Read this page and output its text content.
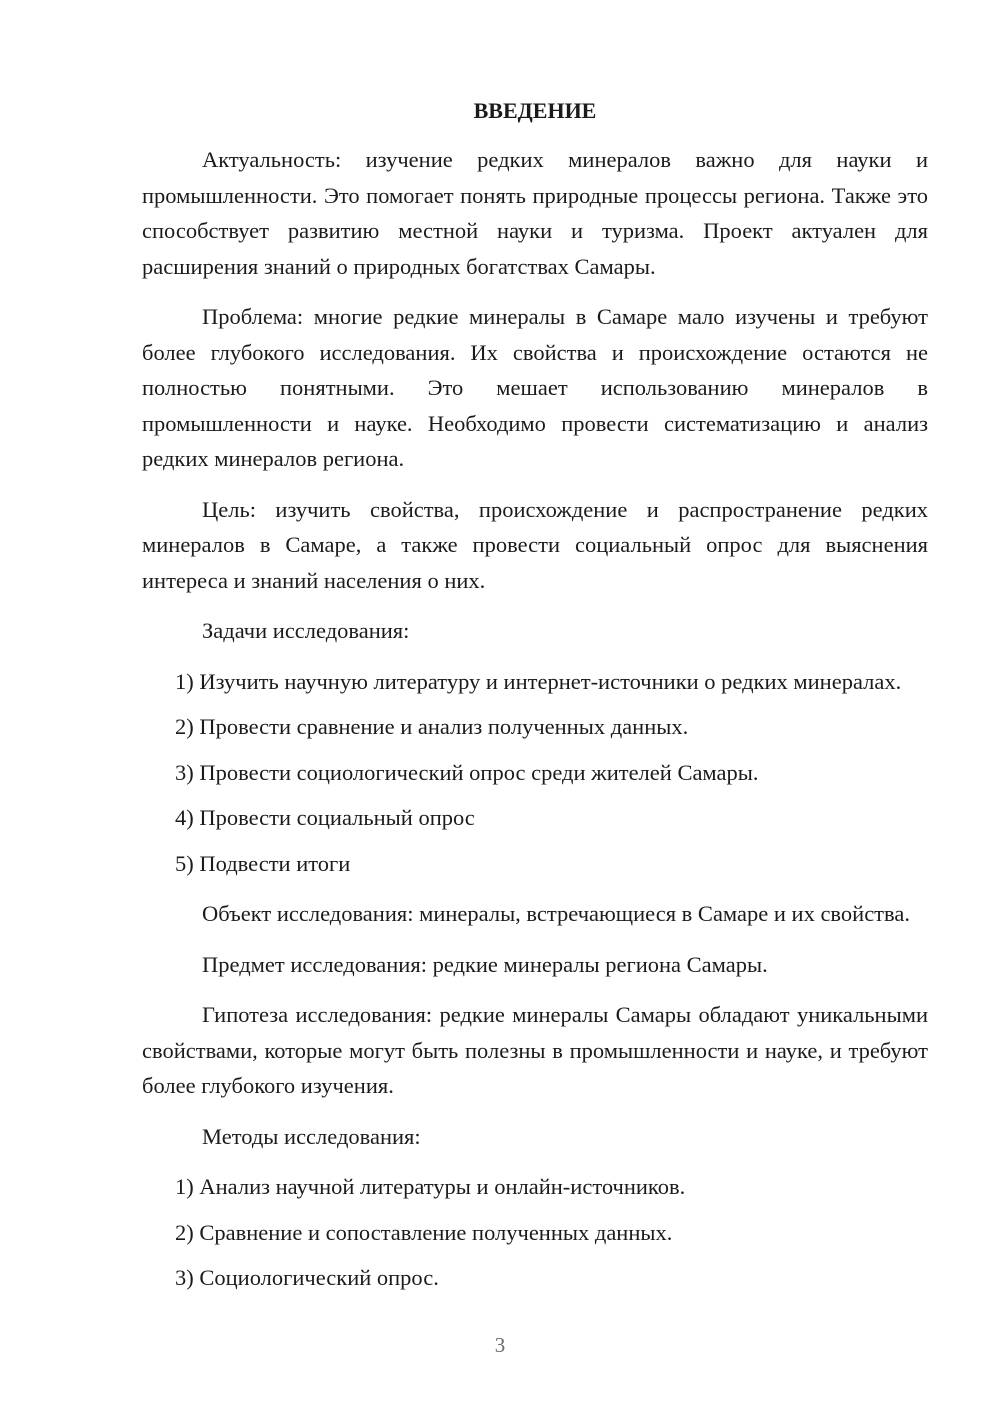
ВВЕДЕНИЕ

Актуальность: изучение редких минералов важно для науки и промышленности. Это помогает понять природные процессы региона. Также это способствует развитию местной науки и туризма. Проект актуален для расширения знаний о природных богатствах Самары.

Проблема: многие редкие минералы в Самаре мало изучены и требуют более глубокого исследования. Их свойства и происхождение остаются не полностью понятными. Это мешает использованию минералов в промышленности и науке. Необходимо провести систематизацию и анализ редких минералов региона.

Цель: изучить свойства, происхождение и распространение редких минералов в Самаре, а также провести социальный опрос для выяснения интереса и знаний населения о них.

Задачи исследования:

1) Изучить научную литературу и интернет-источники о редких минералах.

2) Провести сравнение и анализ полученных данных.

3) Провести социологический опрос среди жителей Самары.

4) Провести социальный опрос

5) Подвести итоги

Объект исследования: минералы, встречающиеся в Самаре и их свойства.

Предмет исследования: редкие минералы региона Самары.

Гипотеза исследования: редкие минералы Самары обладают уникальными свойствами, которые могут быть полезны в промышленности и науке, и требуют более глубокого изучения.

Методы исследования:

1) Анализ научной литературы и онлайн-источников.

2) Сравнение и сопоставление полученных данных.

3) Социологический опрос.

3
